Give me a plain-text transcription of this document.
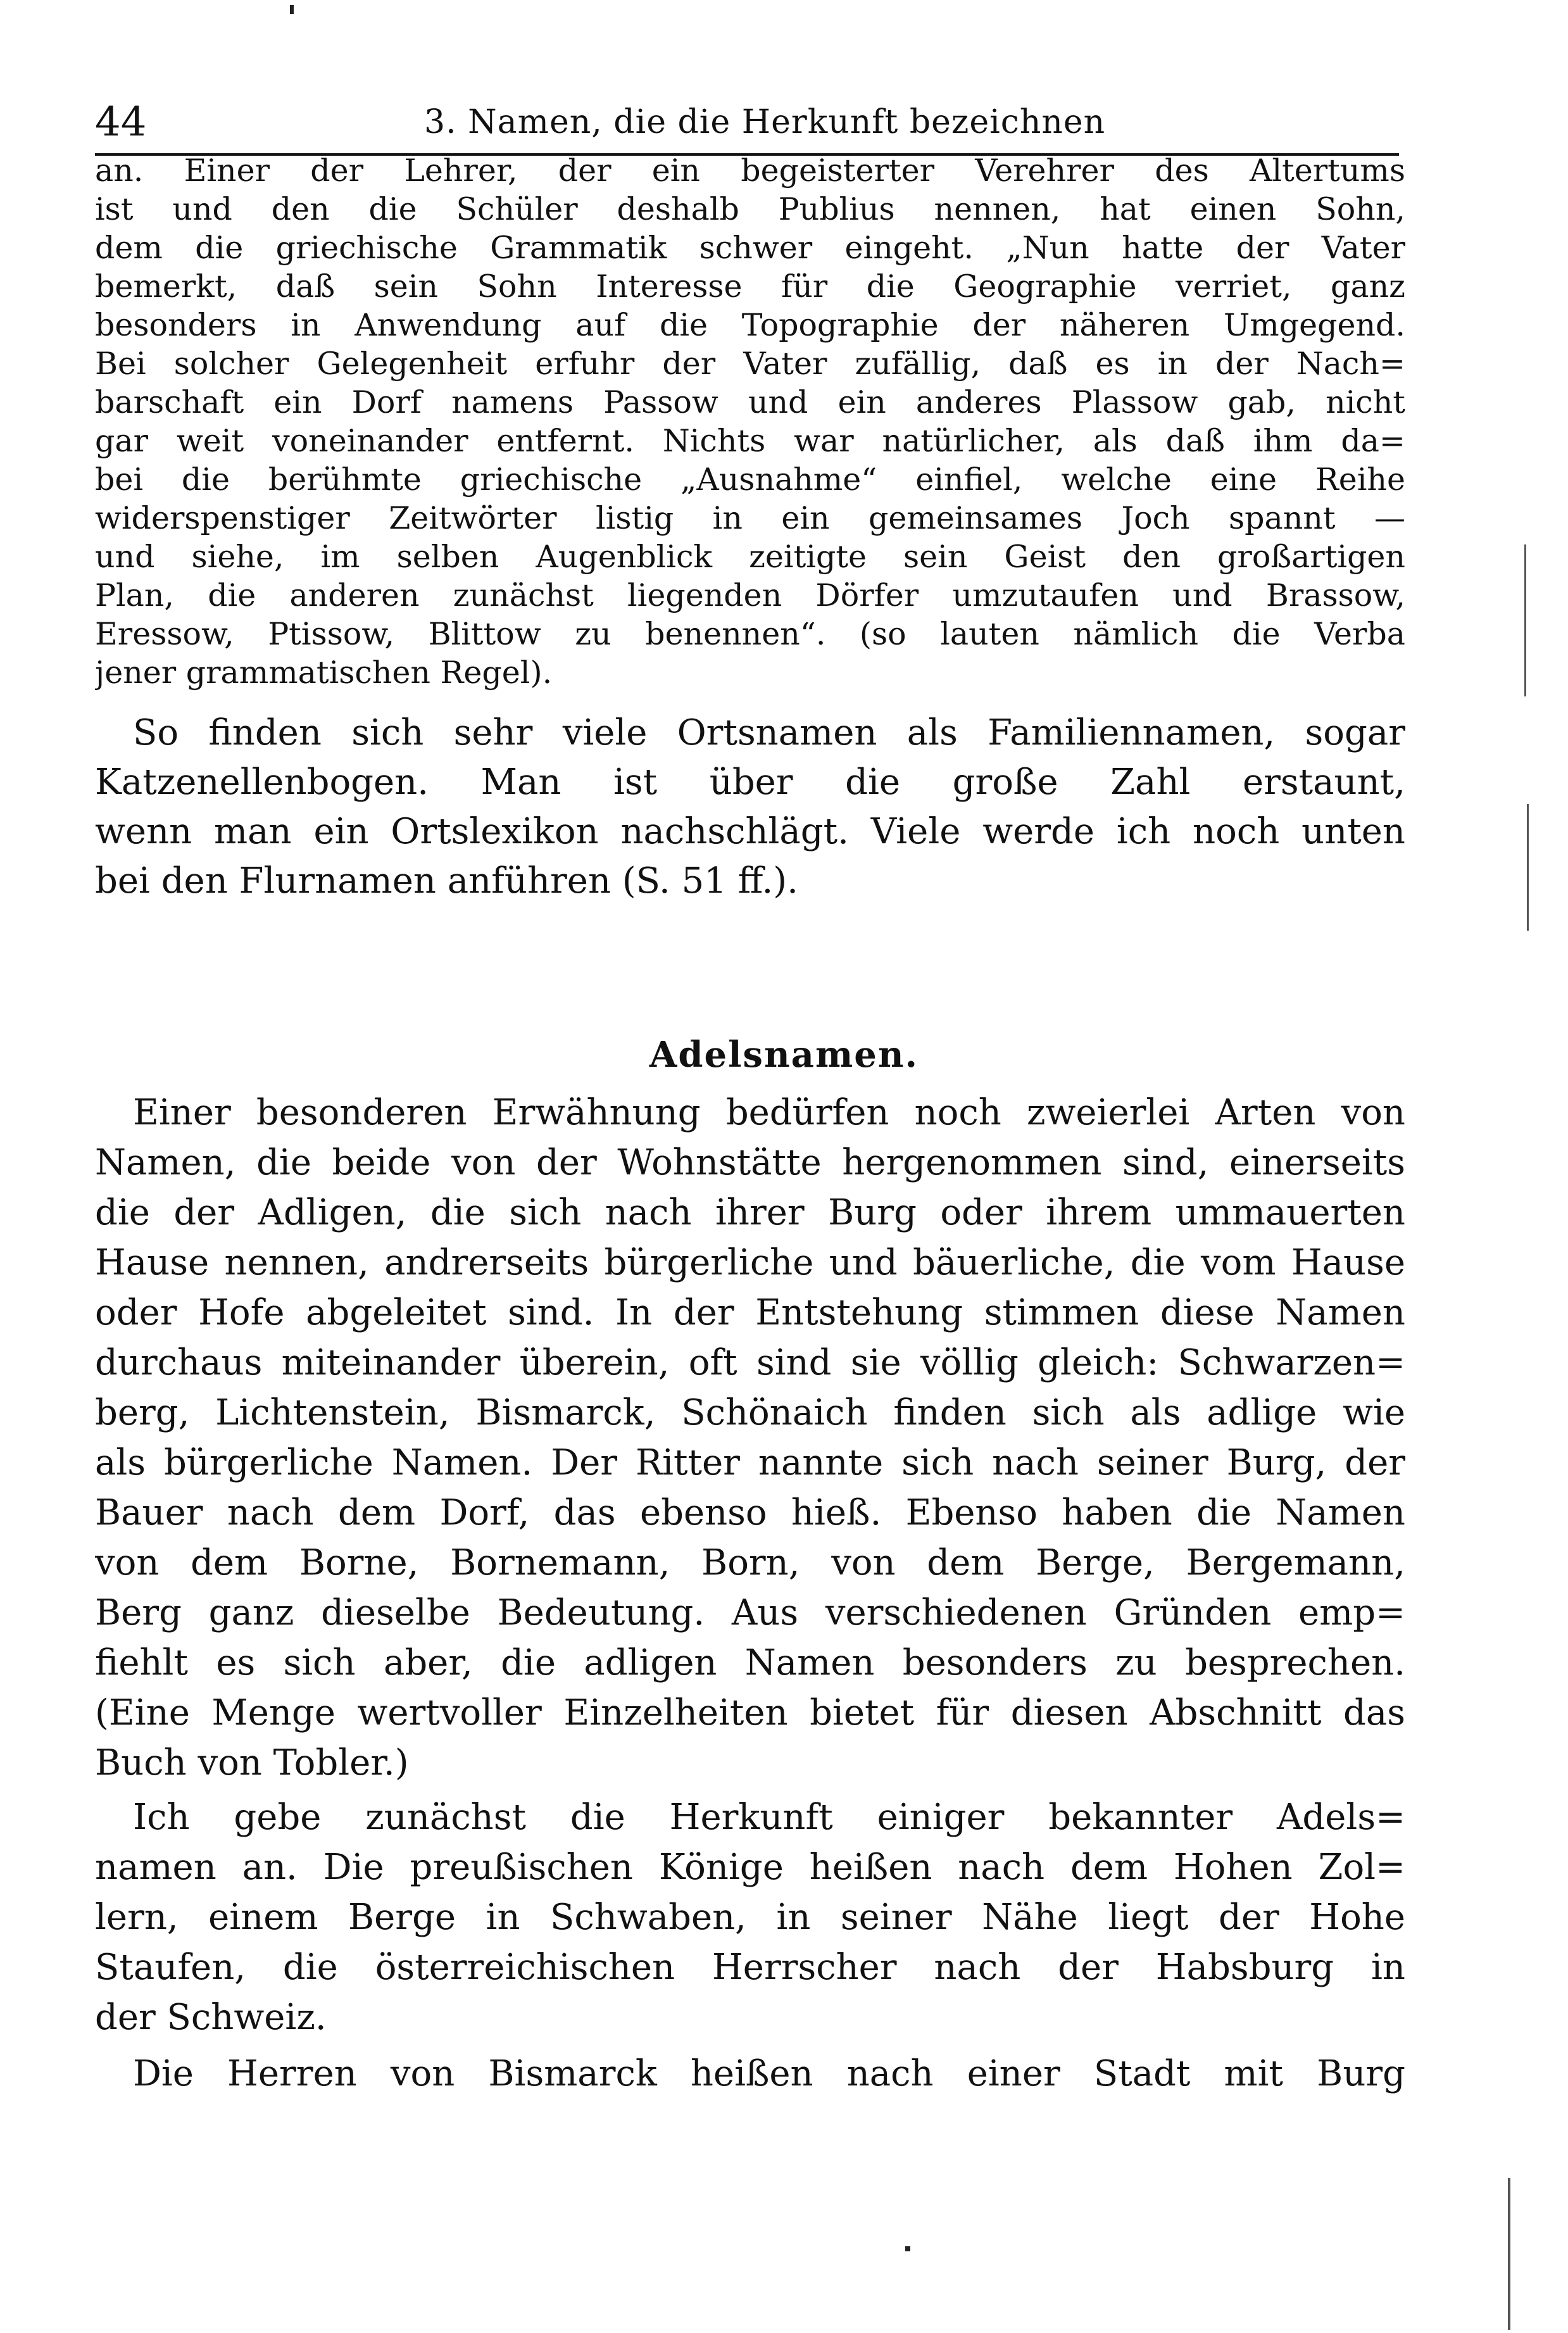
44	3. Namen, die die Herkunft bezeichnen
an. Einer der Lehrer, der ein begeisterter Verehrer des Altertums
ist und den die Schüler deshalb Publius nennen, hat einen Sohn,
dem die griechische Grammatik schwer eingeht. „Nun hatte der Vater
bemerkt, daß sein Sohn Interesse für die Geographie verriet, ganz
besonders in Anwendung auf die Topographie der näheren Umgegend.
Bei solcher Gelegenheit erfuhr der Vater zufällig, daß es in der Nach=
barschaft ein Dorf namens Passow und ein anderes Plassow gab, nicht
gar weit voneinander entfernt. Nichts war natürlicher, als daß ihm da=
bei die berühmte griechische „Ausnahme“ einfiel, welche eine Reihe
widerspenstiger Zeitwörter listig in ein gemeinsames Joch spannt —
und siehe, im selben Augenblick zeitigte sein Geist den großartigen
Plan, die anderen zunächst liegenden Dörfer umzutaufen und Brassow,
Eressow, Ptissow, Blittow zu benennen“. (so lauten nämlich die Verba
jener grammatischen Regel).
So finden sich sehr viele Ortsnamen als Familiennamen, sogar
Katzenellenbogen. Man ist über die große Zahl erstaunt,
wenn man ein Ortslexikon nachschlägt. Viele werde ich noch unten
bei den Flurnamen anführen (S. 51 ff.).
Adelsnamen.
Einer besonderen Erwähnung bedürfen noch zweierlei Arten von
Namen, die beide von der Wohnstätte hergenommen sind, einerseits
die der Adligen, die sich nach ihrer Burg oder ihrem ummauerten
Hause nennen, andrerseits bürgerliche und bäuerliche, die vom Hause
oder Hofe abgeleitet sind. In der Entstehung stimmen diese Namen
durchaus miteinander überein, oft sind sie völlig gleich: Schwarzen=
berg, Lichtenstein, Bismarck, Schönaich finden sich als adlige wie
als bürgerliche Namen. Der Ritter nannte sich nach seiner Burg, der
Bauer nach dem Dorf, das ebenso hieß. Ebenso haben die Namen
von dem Borne, Bornemann, Born, von dem Berge, Bergemann,
Berg ganz dieselbe Bedeutung. Aus verschiedenen Gründen emp=
fiehlt es sich aber, die adligen Namen besonders zu besprechen.
(Eine Menge wertvoller Einzelheiten bietet für diesen Abschnitt das
Buch von Tobler.)
Ich gebe zunächst die Herkunft einiger bekannter Adels=
namen an. Die preußischen Könige heißen nach dem Hohen Zol=
lern, einem Berge in Schwaben, in seiner Nähe liegt der Hohe
Staufen, die österreichischen Herrscher nach der Habsburg in
der Schweiz.
Die Herren von Bismarck heißen nach einer Stadt mit Burg
